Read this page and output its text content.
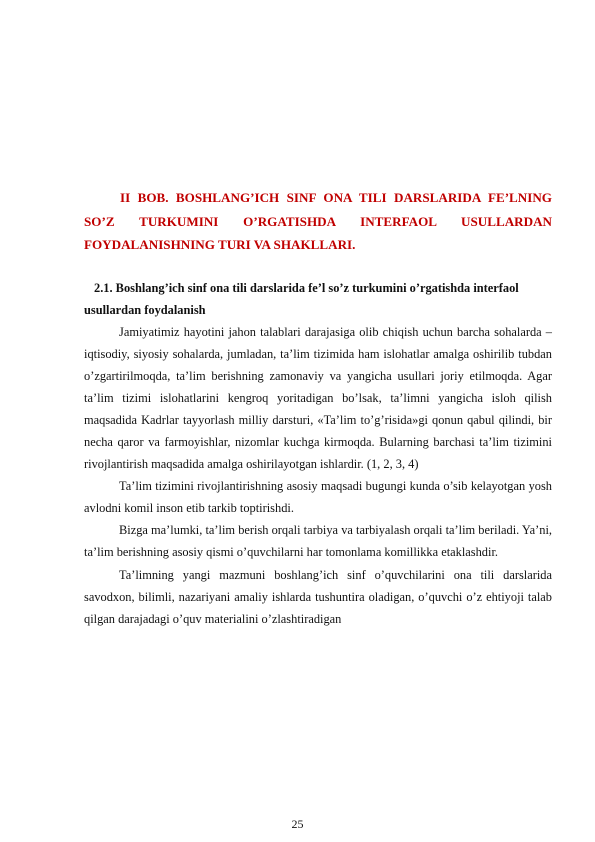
II BOB. BOSHLANG’ICH SINF ONA TILI DARSLARIDA FE’LNING SO’Z TURKUMINI O’RGATISHDA INTERFAOL USULLARDAN FOYDALANISHNING TURI VA SHAKLLARI.

2.1. Boshlang’ich sinf ona tili darslarida fe’l so’z turkumini o’rgatishda interfaol usullardan foydalanish

Jamiyatimiz hayotini jahon talablari darajasiga olib chiqish uchun barcha sohalarda – iqtisodiy, siyosiy sohalarda, jumladan, ta’lim tizimida ham islohatlar amalga oshirilib tubdan o’zgartirilmoqda, ta’lim berishning zamonaviy va yangicha usullari joriy etilmoqda. Agar ta’lim tizimi islohatlarini kengroq yoritadigan bo’lsak, ta’limni yangicha isloh qilish maqsadida Kadrlar tayyorlash milliy darsturi, «Ta’lim to’g’risida»gi qonun qabul qilindi, bir necha qaror va farmoyishlar, nizomlar kuchga kirmoqda. Bularning barchasi ta’lim tizimini rivojlantirish maqsadida amalga oshirilayotgan ishlardir. (1, 2, 3, 4)

Ta’lim tizimini rivojlantirishning asosiy maqsadi bugungi kunda o’sib kelayotgan yosh avlodni komil inson etib tarkib toptirishdi.

Bizga ma’lumki, ta’lim berish orqali tarbiya va tarbiyalash orqali ta’lim beriladi. Ya’ni, ta’lim berishning asosiy qismi o’quvchilarni har tomonlama komillikka etaklashdir.

Ta’limning yangi mazmuni boshlang’ich sinf o’quvchilarini ona tili darslarida savodxon, bilimli, nazariyani amaliy ishlarda tushuntira oladigan, o’quvchi o’z ehtiyoji talab qilgan darajadagi o’quv materialini o’zlashtiradigan

25
